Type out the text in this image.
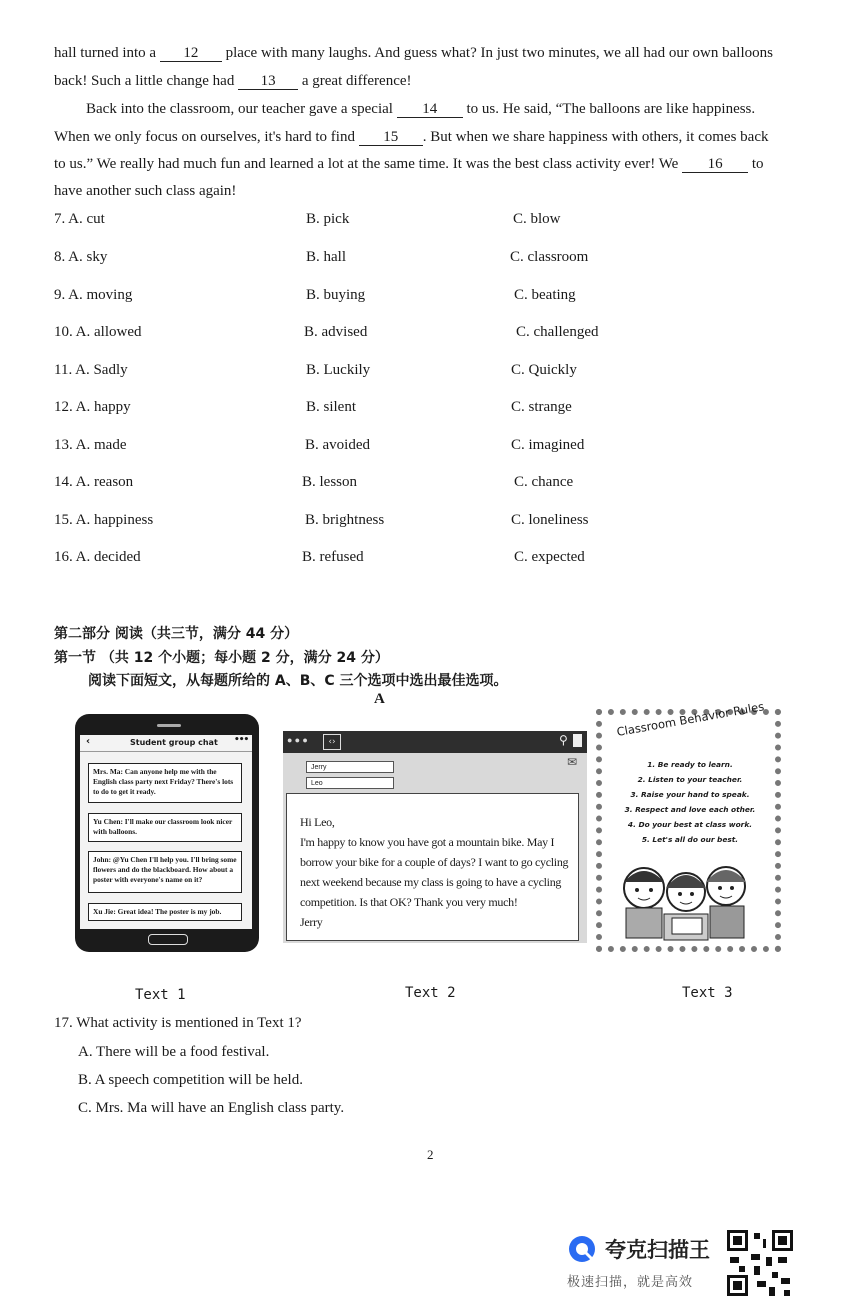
hall turned into a 12 place with many laughs. And guess what? In just two minutes, we all had our own balloons
back! Such a little change had 13 a great difference!
Back into the classroom, our teacher gave a special 14 to us. He said, “The balloons are like happiness.
When we only focus on ourselves, it's hard to find 15 . But when we share happiness with others, it comes back
to us.” We really had much fun and learned a lot at the same time. It was the best class activity ever! We 16 to
have another such class again!
7. A. cut	B. pick	C. blow
8. A. sky	B. hall	C. classroom
9. A. moving	B. buying	C. beating
10. A. allowed	B. advised	C. challenged
11. A. Sadly	B. Luckily	C. Quickly
12. A. happy	B. silent	C. strange
13. A. made	B. avoided	C. imagined
14. A. reason	B. lesson	C. chance
15. A. happiness	B. brightness	C. loneliness
16. A. decided	B. refused	C. expected
第二部分 阅读（共三节，满分 44 分）
第一节 （共 12 个小题；每小题 2 分，满分 24 分）
阅读下面短文，从每题所给的 A、B、C 三个选项中选出最佳选项。
A
‹	Student group chat •••
Mrs. Ma: Can anyone help me with the English class party next Friday? There's lots to do to get it ready.
Yu Chen: I'll make our classroom look nicer with balloons.
John: @Yu Chen I'll help you. I'll bring some flowers and do the blackboard. How about a poster with everyone's name on it?
Xu Jie: Great idea! The poster is my job.
● ● ●	‹›	⚲
✉
Jerry
Leo
Hi Leo,
I'm happy to know you have got a mountain bike. May I borrow your bike for a couple of days? I want to go cycling next weekend because my class is going to have a cycling competition. Is that OK? Thank you very much!
Jerry
Classroom Behavior Rules
1. Be ready to learn.
2. Listen to your teacher.
3. Raise your hand to speak.
3. Respect and love each other.
4. Do your best at class work.
5. Let's all do our best.
Text 1	Text 2	Text 3
17. What activity is mentioned in Text 1?
A. There will be a food festival.
B. A speech competition will be held.
C. Mrs. Ma will have an English class party.
2
夸克扫描王
极速扫描，就是高效
